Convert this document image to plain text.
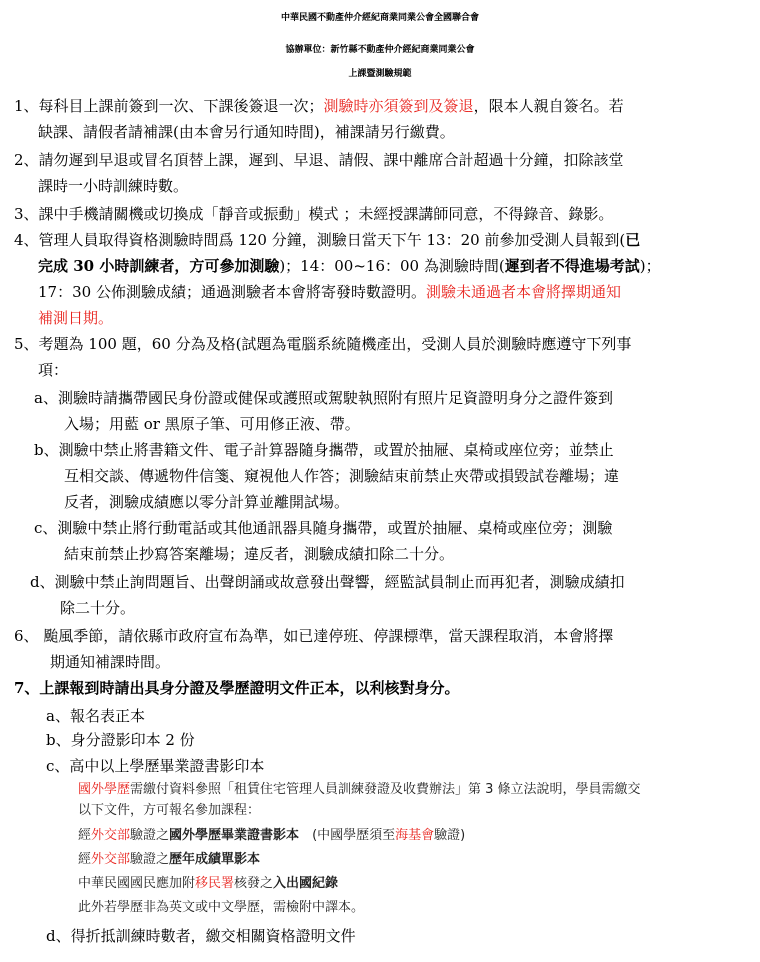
中華民國不動產仲介經紀商業同業公會全國聯合會
協辦單位：新竹縣不動產仲介經紀商業同業公會
上課暨測驗規範
1、每科目上課前簽到一次、下課後簽退一次；測驗時亦須簽到及簽退，限本人親自簽名。若
缺課、請假者請補課(由本會另行通知時間)，補課請另行繳費。
2、請勿遲到早退或冒名頂替上課，遲到、早退、請假、課中離席合計超過十分鐘，扣除該堂
課時一小時訓練時數。
3、課中手機請關機或切換成「靜音或振動」模式 ；未經授課講師同意，不得錄音、錄影。
4、管理人員取得資格測驗時間爲 120 分鐘，測驗日當天下午 13：20 前參加受測人員報到(已
完成 30 小時訓練者，方可參加測驗)；14：00~16：00 為測驗時間(遲到者不得進場考試)；
17：30 公佈測驗成績；通過測驗者本會將寄發時數證明。測驗未通過者本會將擇期通知
補測日期。
5、考題為 100 題，60 分為及格(試題為電腦系統隨機產出，受測人員於測驗時應遵守下列事
項：
a、測驗時請攜帶國民身份證或健保或護照或駕駛執照附有照片足資證明身分之證件簽到
入場；用藍 or 黑原子筆、可用修正液、帶。
b、測驗中禁止將書籍文件、電子計算器隨身攜帶，或置於抽屜、桌椅或座位旁；並禁止
互相交談、傳遞物件信箋、窺視他人作答；測驗結束前禁止夾帶或損毀試卷離場；違
反者，測驗成績應以零分計算並離開試場。
c、測驗中禁止將行動電話或其他通訊器具隨身攜帶，或置於抽屜、桌椅或座位旁；測驗
結束前禁止抄寫答案離場；違反者，測驗成績扣除二十分。
d、測驗中禁止詢問題旨、出聲朗誦或故意發出聲響，經監試員制止而再犯者，測驗成績扣
除二十分。
6、 颱風季節，請依縣市政府宣布為準，如已達停班、停課標準，當天課程取消，本會將擇
期通知補課時間。
7、上課報到時請出具身分證及學歷證明文件正本，以利核對身分。
a、報名表正本
b、身分證影印本 2 份
c、高中以上學歷畢業證書影印本
國外學歷需繳付資料參照「租賃住宅管理人員訓練發證及收費辦法」第 3 條立法說明，學員需繳交
以下文件，方可報名參加課程：
經外交部驗證之國外學歷畢業證書影本　(中國學歷須至海基會驗證)
經外交部驗證之歷年成績單影本
中華民國國民應加附移民署核發之入出國紀錄
此外若學歷非為英文或中文學歷，需檢附中譯本。
d、得折抵訓練時數者，繳交相關資格證明文件
